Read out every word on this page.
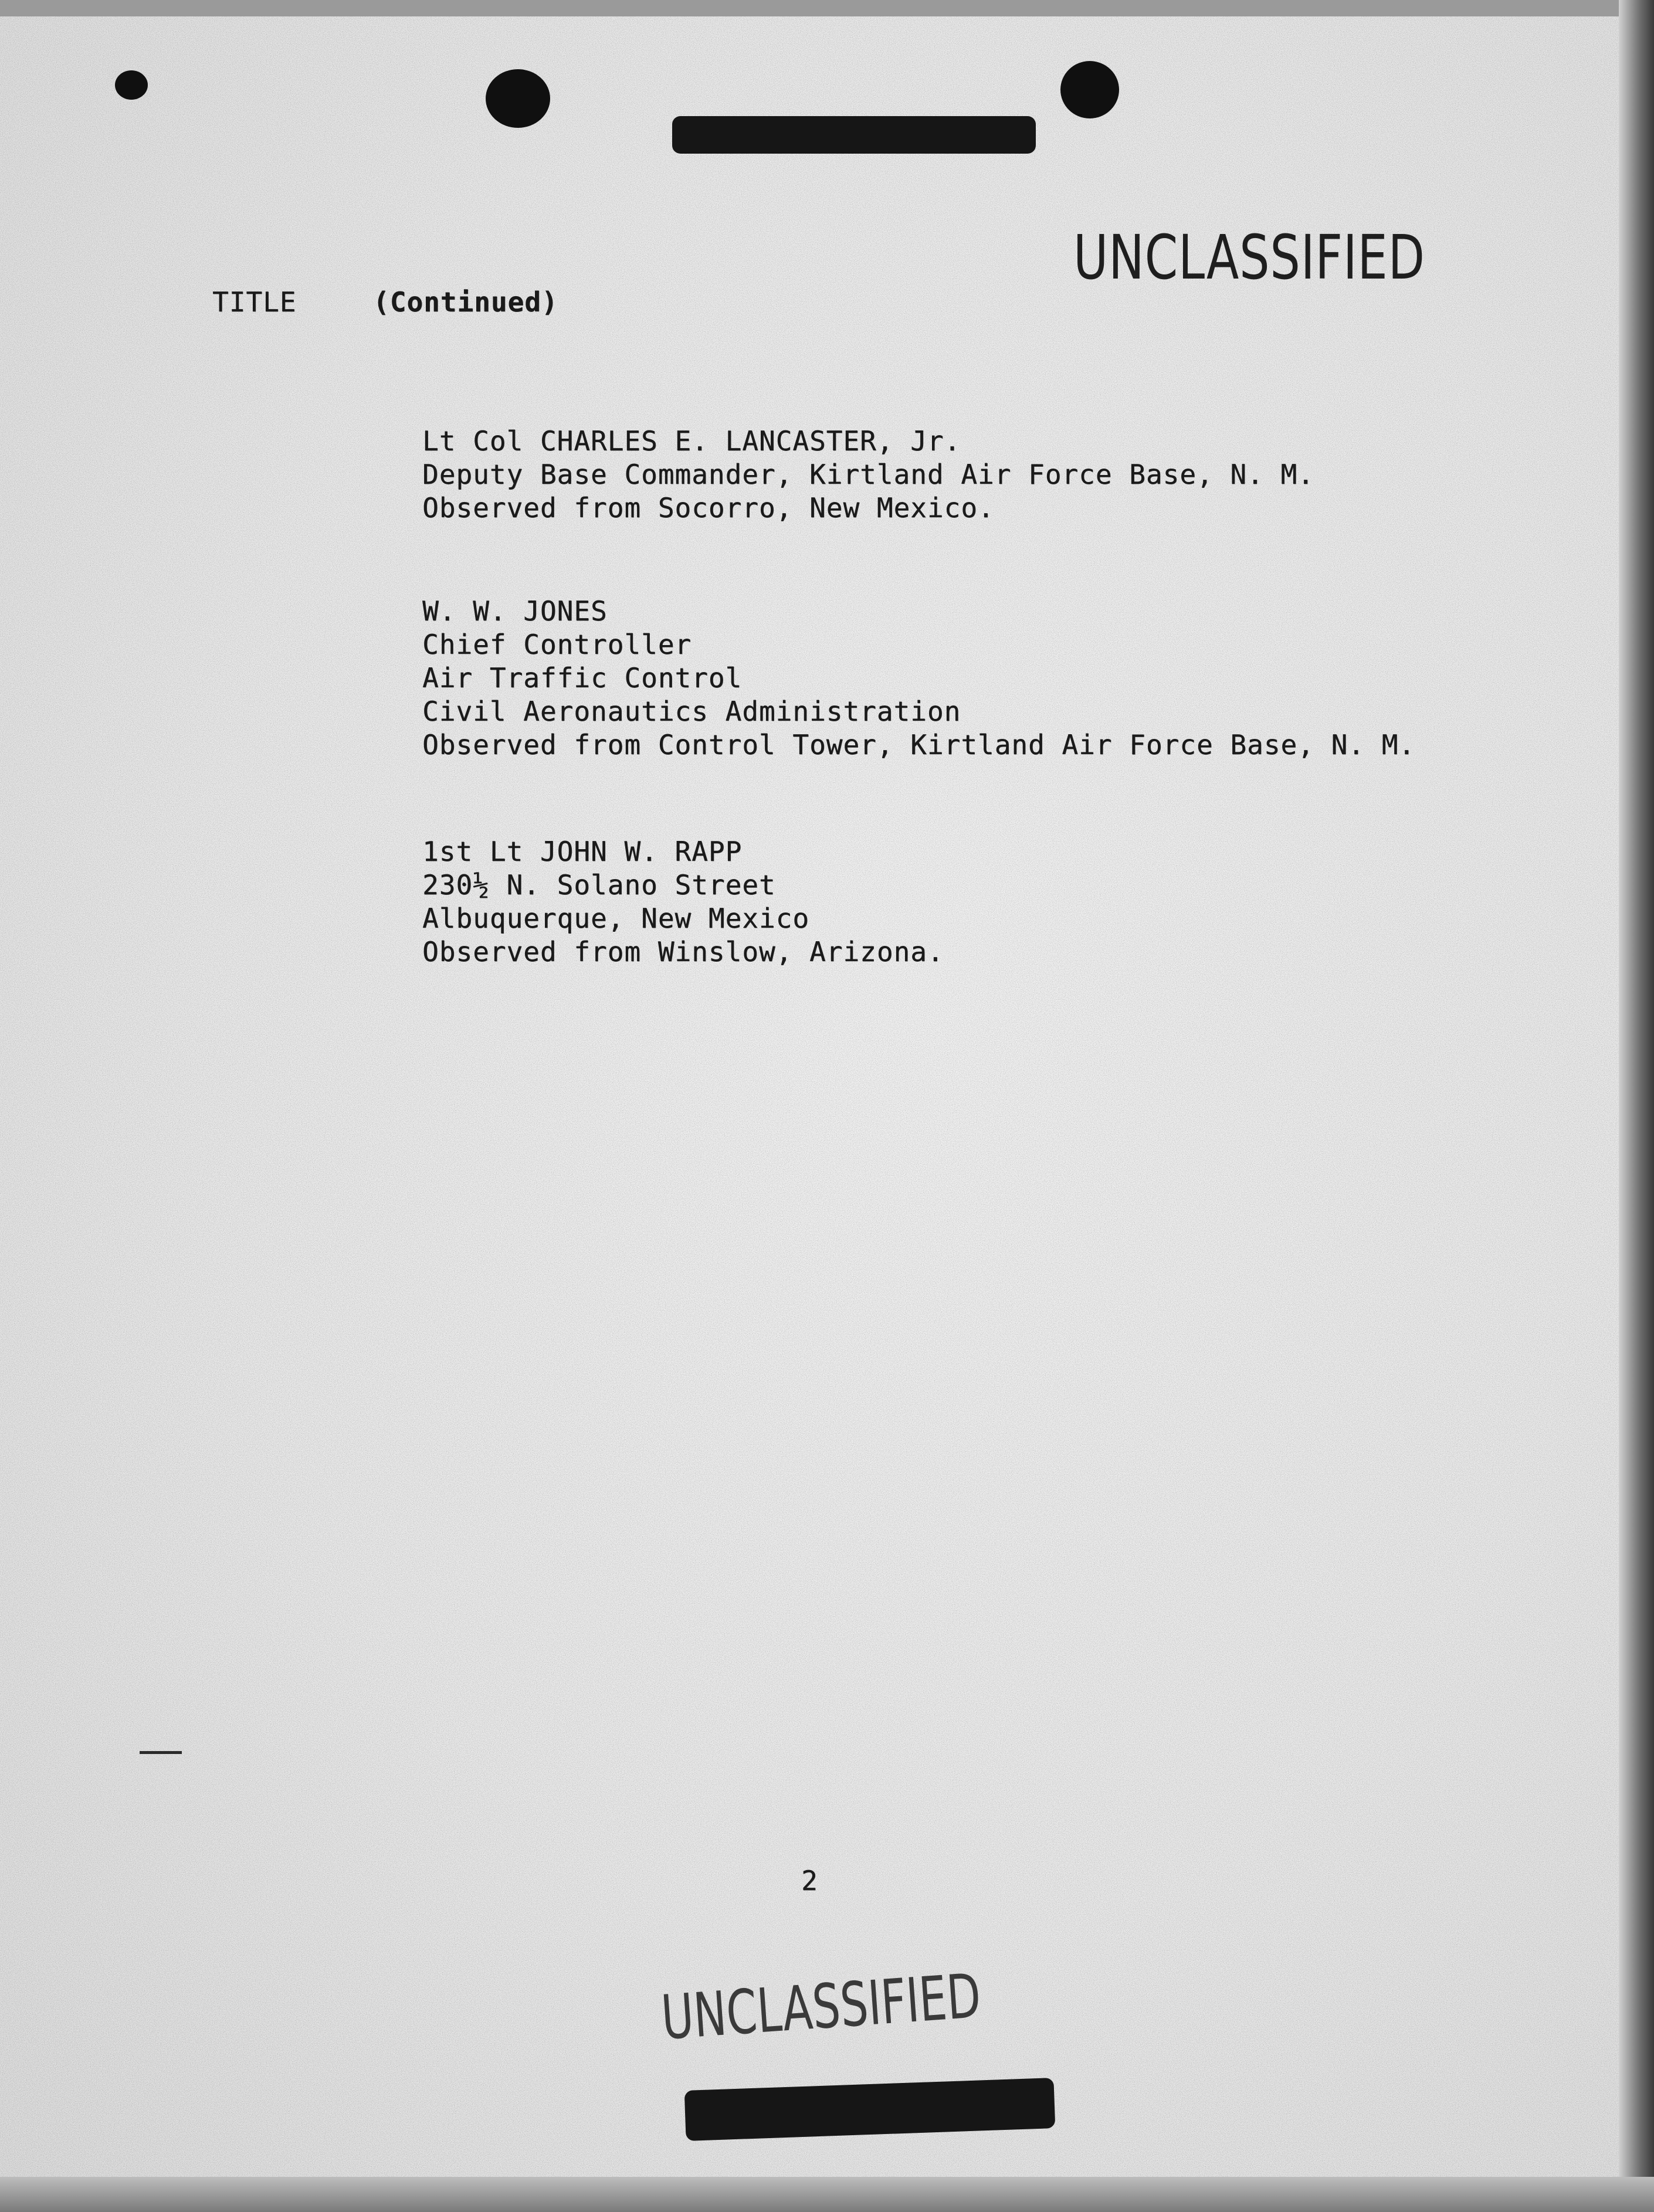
UNCLASSIFIED
TITLE	(Continued)
Lt Col CHARLES E. LANCASTER, Jr.
Deputy Base Commander, Kirtland Air Force Base, N. M.
Observed from Socorro, New Mexico.
W. W. JONES
Chief Controller
Air Traffic Control
Civil Aeronautics Administration
Observed from Control Tower, Kirtland Air Force Base, N. M.
1st Lt JOHN W. RAPP
230½ N. Solano Street
Albuquerque, New Mexico
Observed from Winslow, Arizona.
2
UNCLASSIFIED
